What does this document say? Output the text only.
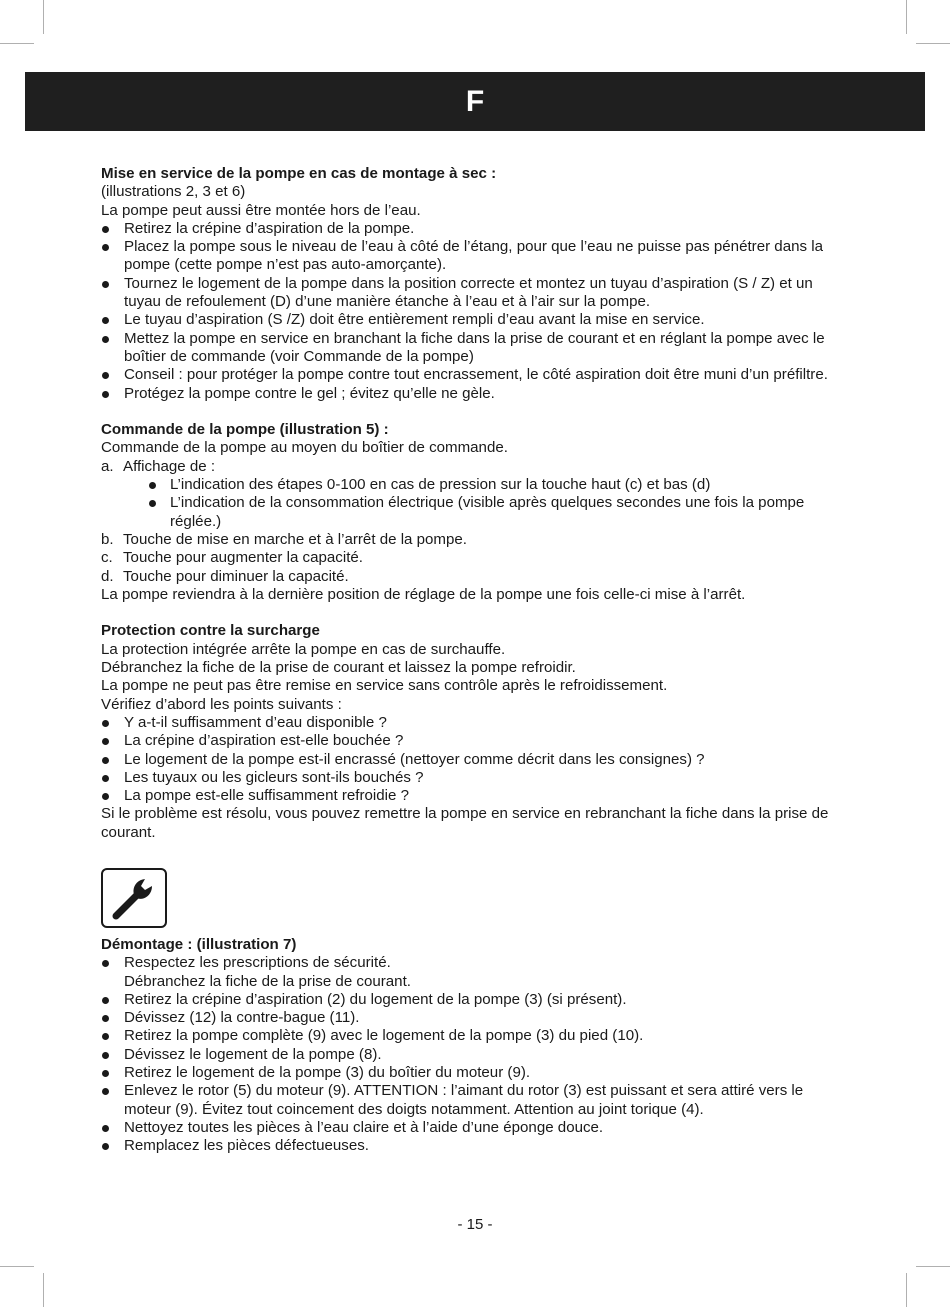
F

Mise en service de la pompe en cas de montage à sec :

(illustrations 2, 3 et 6)

La pompe peut aussi être montée hors de l’eau.

Retirez la crépine d’aspiration de la pompe.
Placez la pompe sous le niveau de l’eau à côté de l’étang, pour que l’eau ne puisse pas pénétrer dans la pompe (cette pompe n’est pas auto-amorçante).
Tournez le logement de la pompe dans la position correcte et montez un tuyau d’aspiration (S / Z) et un tuyau de refoulement (D) d’une manière étanche à l’eau et à l’air sur la pompe.
Le tuyau d’aspiration (S /Z) doit être entièrement rempli d’eau avant la mise en service.
Mettez la pompe en service en branchant la fiche dans la prise de courant et en réglant la pompe avec le boîtier de commande (voir Commande de la pompe)
Conseil : pour protéger la pompe contre tout encrassement, le côté aspiration doit être muni d’un préfiltre.
Protégez la pompe contre le gel ; évitez qu’elle ne gèle.

Commande de la pompe (illustration 5) :

Commande de la pompe au moyen du boîtier de commande.

a. Affichage de :
L’indication des étapes 0-100 en cas de pression sur la touche haut (c) et bas (d)
L’indication de la consommation électrique (visible après quelques secondes une fois la pompe réglée.)
b. Touche de mise en marche et à l’arrêt de la pompe.
c. Touche pour augmenter la capacité.
d. Touche pour diminuer la capacité.

La pompe reviendra à la dernière position de réglage de la pompe une fois celle-ci mise à l’arrêt.

Protection contre la surcharge

La protection intégrée arrête la pompe en cas de surchauffe.

Débranchez la fiche de la prise de courant et laissez la pompe refroidir.

La pompe ne peut pas être remise en service sans contrôle après le refroidissement.

Vérifiez d’abord les points suivants :

Y a-t-il suffisamment d’eau disponible ?
La crépine d’aspiration est-elle bouchée ?
Le logement de la pompe est-il encrassé (nettoyer comme décrit dans les consignes) ?
Les tuyaux ou les gicleurs sont-ils bouchés ?
La pompe est-elle suffisamment refroidie ?

Si le problème est résolu, vous pouvez remettre la pompe en service en rebranchant la fiche dans la prise de courant.

Démontage : (illustration 7)

Respectez les prescriptions de sécurité.
Débranchez la fiche de la prise de courant.
Retirez la crépine d’aspiration (2) du logement de la pompe (3) (si présent).
Dévissez (12) la contre-bague (11).
Retirez la pompe complète (9) avec le logement de la pompe (3) du pied (10).
Dévissez le logement de la pompe (8).
Retirez le logement de la pompe (3) du boîtier du moteur (9).
Enlevez le rotor (5) du moteur (9). ATTENTION : l’aimant du rotor (3) est puissant et sera attiré vers le moteur (9). Évitez tout coincement des doigts notamment. Attention au joint torique (4).
Nettoyez toutes les pièces à l’eau claire et à l’aide d’une éponge douce.
Remplacez les pièces défectueuses.
- 15 -
